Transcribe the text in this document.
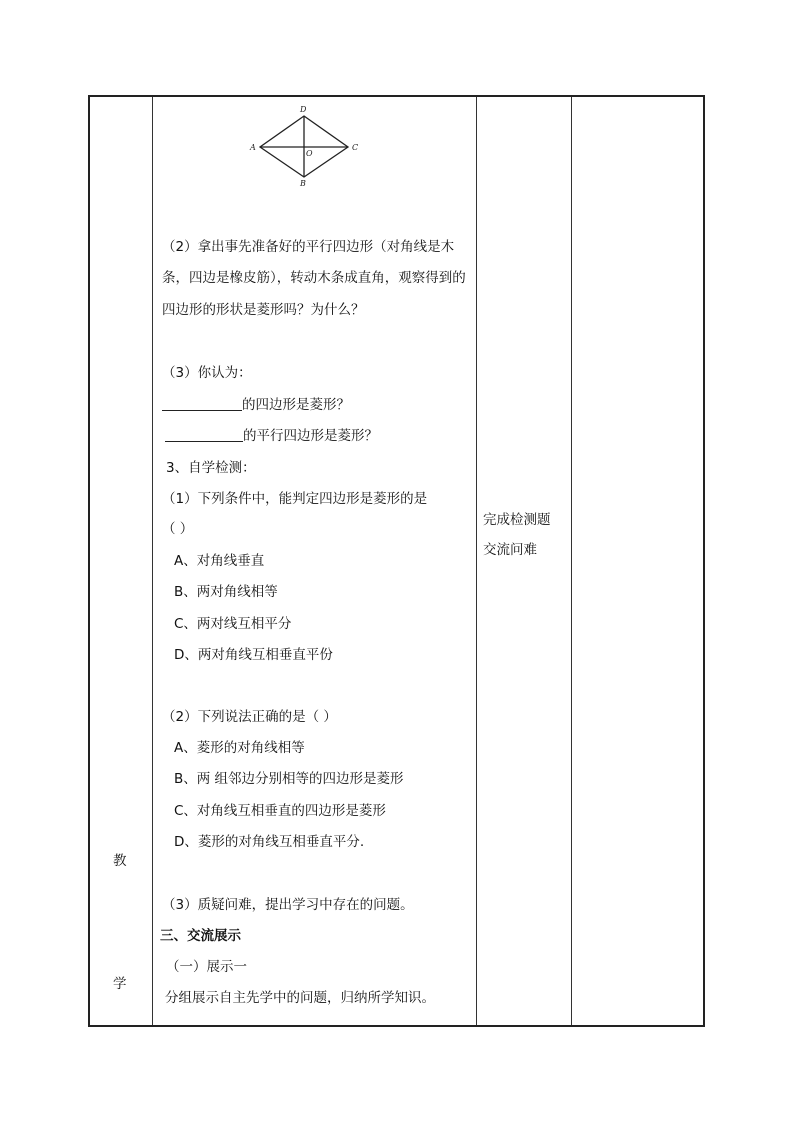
教
学
D
A
O
C
B
（2）拿出事先准备好的平行四边形（对角线是木
条，四边是橡皮筋），转动木条成直角，观察得到的
四边形的形状是菱形吗？为什么？
（3）你认为：
的四边形是菱形？
的平行四边形是菱形？
3、自学检测：
（1）下列条件中，能判定四边形是菱形的是
（ ）
A、对角线垂直
B、两对角线相等
C、两对线互相平分
D、两对角线互相垂直平份
（2）下列说法正确的是（ ）
A、菱形的对角线相等
B、两 组邻边分别相等的四边形是菱形
C、对角线互相垂直的四边形是菱形
D、菱形的对角线互相垂直平分.
（3）质疑问难，提出学习中存在的问题。
三、交流展示
（一）展示一
分组展示自主先学中的问题，归纳所学知识。
完成检测题
交流问难
